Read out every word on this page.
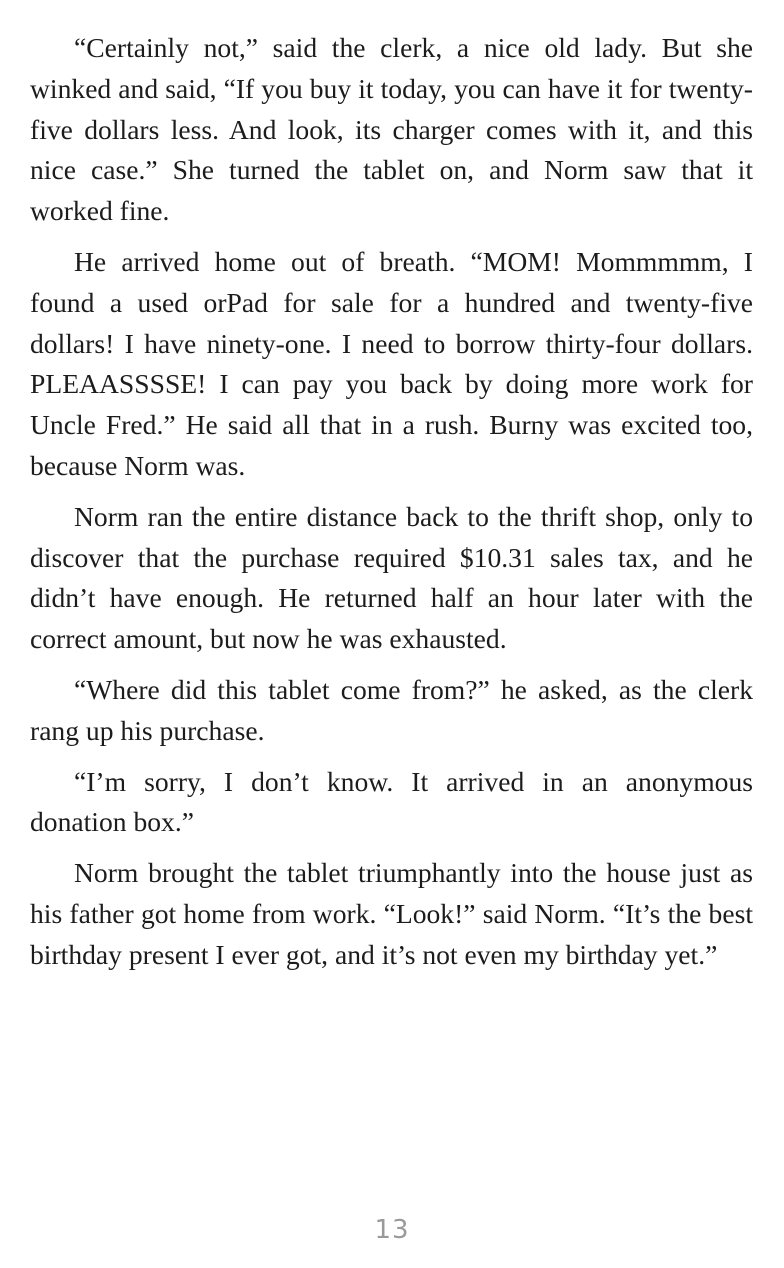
“Certainly not,” said the clerk, a nice old lady. But she winked and said, “If you buy it today, you can have it for twenty-five dollars less. And look, its charger comes with it, and this nice case.” She turned the tablet on, and Norm saw that it worked fine.

He arrived home out of breath. “MOM! Mommmmm, I found a used orPad for sale for a hundred and twenty-five dollars! I have ninety-one. I need to borrow thirty-four dollars. PLEAASSSSE! I can pay you back by doing more work for Uncle Fred.” He said all that in a rush. Burny was excited too, because Norm was.

Norm ran the entire distance back to the thrift shop, only to discover that the purchase required $10.31 sales tax, and he didn’t have enough. He returned half an hour later with the correct amount, but now he was exhausted.

“Where did this tablet come from?” he asked, as the clerk rang up his purchase.

“I’m sorry, I don’t know. It arrived in an anonymous donation box.”

Norm brought the tablet triumphantly into the house just as his father got home from work. “Look!” said Norm. “It’s the best birthday present I ever got, and it’s not even my birthday yet.”

13
